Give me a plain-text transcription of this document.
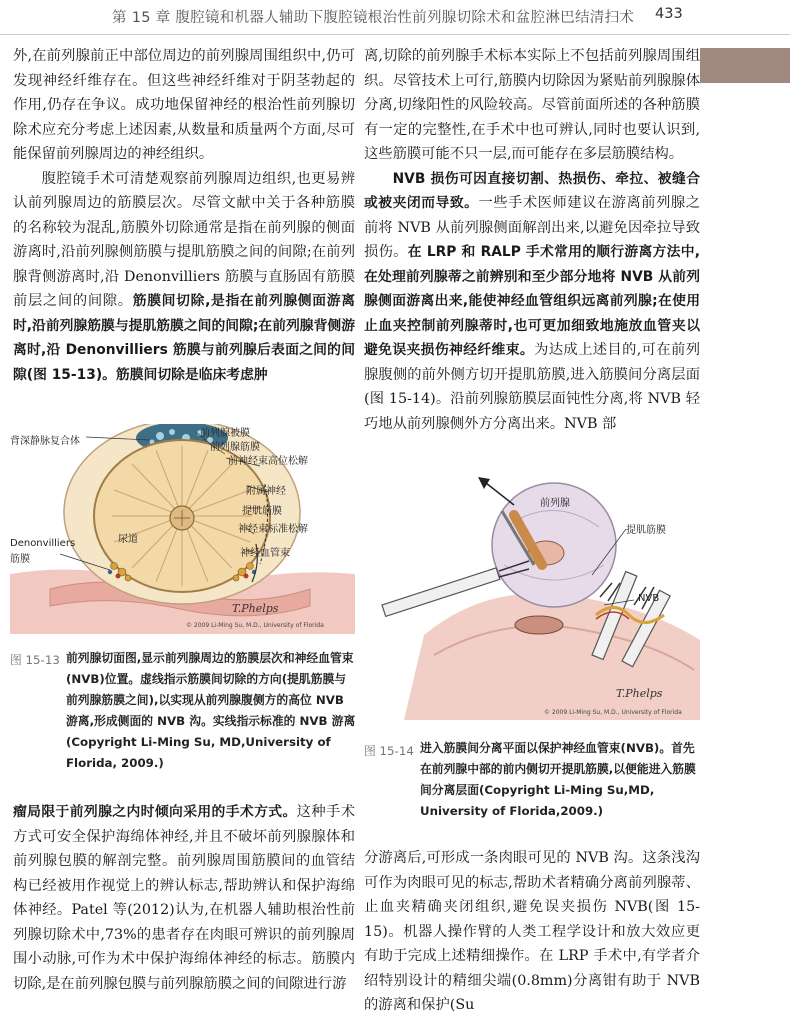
第 15 章 腹腔镜和机器人辅助下腹腔镜根治性前列腺切除术和盆腔淋巴结清扫术 433

外,在前列腺前正中部位周边的前列腺周围组织中,仍可发现神经纤维存在。但这些神经纤维对于阴茎勃起的作用,仍存在争议。成功地保留神经的根治性前列腺切除术应充分考虑上述因素,从数量和质量两个方面,尽可能保留前列腺周边的神经组织。

腹腔镜手术可清楚观察前列腺周边组织,也更易辨认前列腺周边的筋膜层次。尽管文献中关于各种筋膜的名称较为混乱,筋膜外切除通常是指在前列腺的侧面游离时,沿前列腺侧筋膜与提肌筋膜之间的间隙;在前列腺背侧游离时,沿 Denonvilliers 筋膜与直肠固有筋膜前层之间的间隙。筋膜间切除,是指在前列腺侧面游离时,沿前列腺筋膜与提肌筋膜之间的间隙;在前列腺背侧游离时,沿 Denonvilliers 筋膜与前列腺后表面之间的间隙(图 15-13)。筋膜间切除是临床考虑肿

背深静脉复合体
前列腺被膜
前列腺筋膜
前神经束高位松解
附属神经
提肌筋膜
神经束标准松解
尿道
Denonvilliers
筋膜
神经血管束
T.Phelps
© 2009 Li-Ming Su, M.D., University of Florida
图 15-13 前列腺切面图,显示前列腺周边的筋膜层次和神经血管束(NVB)位置。虚线指示筋膜间切除的方向(提肌筋膜与前列腺筋膜之间),以实现从前列腺腹侧方的高位 NVB 游离,形成侧面的 NVB 沟。实线指示标准的 NVB 游离(Copyright Li-Ming Su, MD,University of Florida, 2009.)

瘤局限于前列腺之内时倾向采用的手术方式。这种手术方式可安全保护海绵体神经,并且不破坏前列腺腺体和前列腺包膜的解剖完整。前列腺周围筋膜间的血管结构已经被用作视觉上的辨认标志,帮助辨认和保护海绵体神经。Patel 等(2012)认为,在机器人辅助根治性前列腺切除术中,73%的患者存在肉眼可辨识的前列腺周围小动脉,可作为术中保护海绵体神经的标志。筋膜内切除,是在前列腺包膜与前列腺筋膜之间的间隙进行游

离,切除的前列腺手术标本实际上不包括前列腺周围组织。尽管技术上可行,筋膜内切除因为紧贴前列腺腺体分离,切缘阳性的风险较高。尽管前面所述的各种筋膜有一定的完整性,在手术中也可辨认,同时也要认识到,这些筋膜可能不只一层,而可能存在多层筋膜结构。

NVB 损伤可因直接切割、热损伤、牵拉、被缝合或被夹闭而导致。一些手术医师建议在游离前列腺之前将 NVB 从前列腺侧面解剖出来,以避免因牵拉导致损伤。在 LRP 和 RALP 手术常用的顺行游离方法中,在处理前列腺蒂之前辨别和至少部分地将 NVB 从前列腺侧面游离出来,能使神经血管组织远离前列腺;在使用止血夹控制前列腺蒂时,也可更加细致地施放血管夹以避免误夹损伤神经纤维束。为达成上述目的,可在前列腺腹侧的前外侧方切开提肌筋膜,进入筋膜间分离层面(图 15-14)。沿前列腺筋膜层面钝性分离,将 NVB 轻巧地从前列腺侧外方分离出来。NVB 部

前列腺
提肌筋膜
NVB
T.Phelps
© 2009 Li-Ming Su, M.D., University of Florida
图 15-14 进入筋膜间分离平面以保护神经血管束(NVB)。首先在前列腺中部的前内侧切开提肌筋膜,以便能进入筋膜间分离层面(Copyright Li-Ming Su,MD, University of Florida,2009.)

分游离后,可形成一条肉眼可见的 NVB 沟。这条浅沟可作为肉眼可见的标志,帮助术者精确分离前列腺蒂、止血夹精确夹闭组织,避免误夹损伤 NVB(图 15-15)。机器人操作臂的人类工程学设计和放大效应更有助于完成上述精细操作。在 LRP 手术中,有学者介绍特别设计的精细尖端(0.8mm)分离钳有助于 NVB 的游离和保护(Su
